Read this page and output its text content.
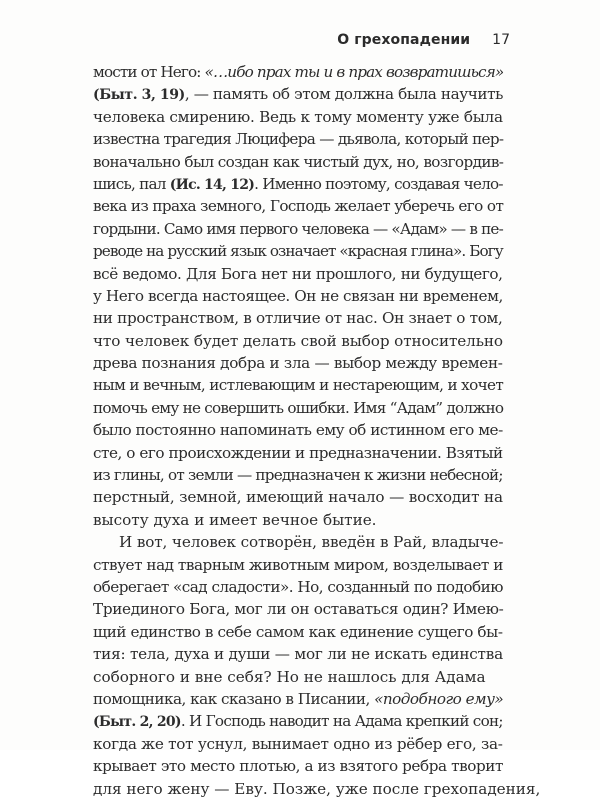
О грехопадении 17
мости от Него: «…ибо прах ты и в прах возвратишься»
(Быт. 3, 19), — память об этом должна была научить
человека смирению. Ведь к тому моменту уже была
известна трагедия Люцифера — дьявола, который пер-
воначально был создан как чистый дух, но, возгордив-
шись, пал (Ис. 14, 12). Именно поэтому, создавая чело-
века из праха земного, Господь желает уберечь его от
гордыни. Само имя первого человека — «Адам» — в пе-
реводе на русский язык означает «красная глина». Богу
всё ведомо. Для Бога нет ни прошлого, ни будущего,
у Него всегда настоящее. Он не связан ни временем,
ни пространством, в отличие от нас. Он знает о том,
что человек будет делать свой выбор относительно
древа познания добра и зла — выбор между времен-
ным и вечным, истлевающим и нестареющим, и хочет
помочь ему не совершить ошибки. Имя “Адам” должно
было постоянно напоминать ему об истинном его ме-
сте, о его происхождении и предназначении. Взятый
из глины, от земли — предназначен к жизни небесной;
перстный, земной, имеющий начало — восходит на
высоту духа и имеет вечное бытие.
И вот, человек сотворён, введён в Рай, владыче-
ствует над тварным животным миром, возделывает и
оберегает «сад сладости». Но, созданный по подобию
Триединого Бога, мог ли он оставаться один? Имею-
щий единство в себе самом как единение сущего бы-
тия: тела, духа и души — мог ли не искать единства
соборного и вне себя? Но не нашлось для Адама
помощника, как сказано в Писании, «подобного ему»
(Быт. 2, 20). И Господь наводит на Адама крепкий сон;
когда же тот уснул, вынимает одно из рёбер его, за-
крывает это место плотью, а из взятого ребра творит
для него жену — Еву. Позже, уже после грехопадения,
